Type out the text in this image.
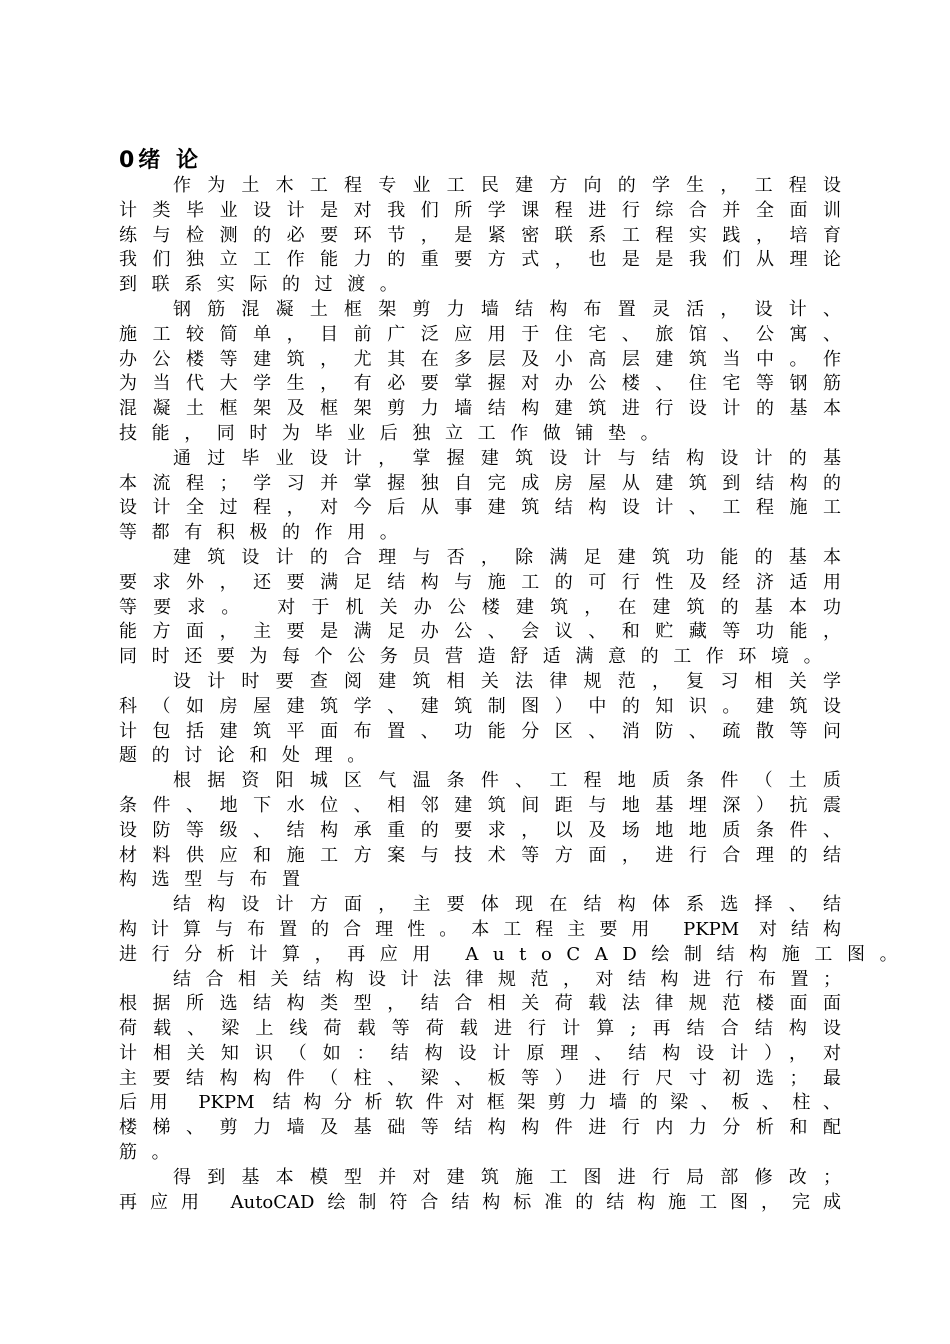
0绪 论
作为土木工程专业工民建方向的学生，工程设
计类毕业设计是对我们所学课程进行综合并全面训
练与检测的必要环节，是紧密联系工程实践，培育
我们独立工作能力的重要方式，也是是我们从理论
到联系实际的过渡。
钢筋混凝土框架剪力墙结构布置灵活，设计、
施工较简单，目前广泛应用于住宅、旅馆、公寓、
办公楼等建筑，尤其在多层及小高层建筑当中。作
为当代大学生，有必要掌握对办公楼、住宅等钢筋
混凝土框架及框架剪力墙结构建筑进行设计的基本
技能，同时为毕业后独立工作做铺垫。
通过毕业设计，掌握建筑设计与结构设计的基
本流程；学习并掌握独自完成房屋从建筑到结构的
设计全过程，对今后从事建筑结构设计、工程施工
等都有积极的作用。
建筑设计的合理与否，除满足建筑功能的基本
要求外，还要满足结构与施工的可行性及经济适用
等要求。 对于机关办公楼建筑，在建筑的基本功
能方面，主要是满足办公、会议、和贮藏等功能，
同时还要为每个公务员营造舒适满意的工作环境。
设计时要查阅建筑相关法律规范，复习相关学
科（如房屋建筑学、建筑制图）中的知识。建筑设
计包括建筑平面布置、功能分区、消防、疏散等问
题的讨论和处理。
根据资阳城区气温条件、工程地质条件（土质
条件、地下水位、相邻建筑间距与地基埋深）抗震
设防等级、结构承重的要求，以及场地地质条件、
材料供应和施工方案与技术等方面，进行合理的结
构选型与布置
结构设计方面，主要体现在结构体系选择、结
构计算与布置的合理性。本工程主要用 PKPM 对结构
进行分析计算，再应用 AutoCAD绘制结构施工图。
结合相关结构设计法律规范，对结构进行布置；
根据所选结构类型，结合相关荷载法律规范楼面面
荷载、梁上线荷载等荷载进行计算;再结合结构设
计相关知识（如：结构设计原理、结构设计），对
主要结构构件（柱、梁、板等）进行尺寸初选；最
后用 PKPM 结构分析软件对框架剪力墙的梁、板、柱、
楼梯、剪力墙及基础等结构构件进行内力分析和配
筋。
得到基本模型并对建筑施工图进行局部修改；
再应用 AutoCAD绘制符合结构标准的结构施工图，完成
